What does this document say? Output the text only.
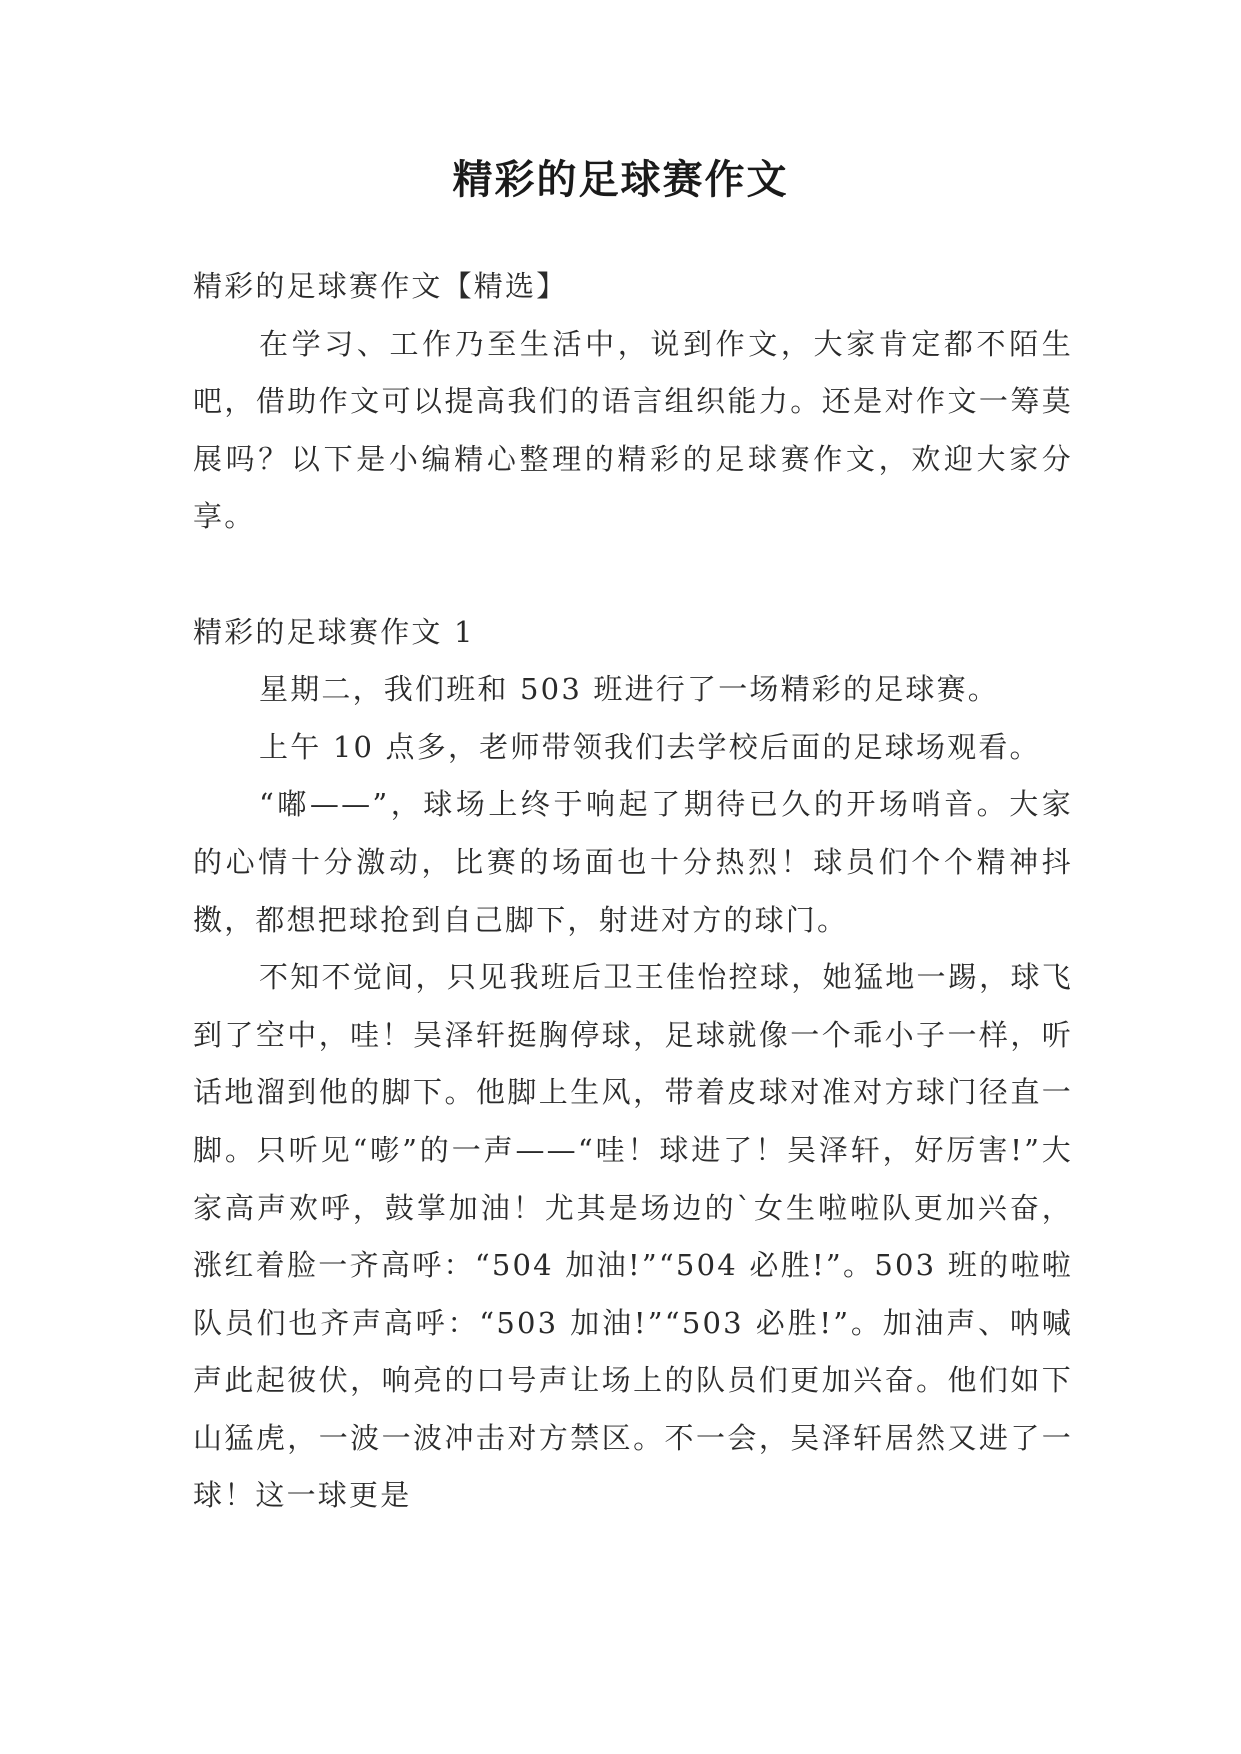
精彩的足球赛作文

精彩的足球赛作文【精选】

在学习、工作乃至生活中，说到作文，大家肯定都不陌生吧，借助作文可以提高我们的语言组织能力。还是对作文一筹莫展吗？以下是小编精心整理的精彩的足球赛作文，欢迎大家分享。

精彩的足球赛作文 1

星期二，我们班和 503 班进行了一场精彩的足球赛。

上午 10 点多，老师带领我们去学校后面的足球场观看。

“嘟——”，球场上终于响起了期待已久的开场哨音。大家的心情十分激动，比赛的场面也十分热烈！球员们个个精神抖擞，都想把球抢到自己脚下，射进对方的球门。

不知不觉间，只见我班后卫王佳怡控球，她猛地一踢，球飞到了空中，哇！吴泽轩挺胸停球，足球就像一个乖小子一样，听话地溜到他的脚下。他脚上生风，带着皮球对准对方球门径直一脚。只听见“嘭”的一声——“哇！球进了！吴泽轩，好厉害!”大家高声欢呼，鼓掌加油！尤其是场边的`女生啦啦队更加兴奋，涨红着脸一齐高呼：“504 加油!”“504 必胜!”。503 班的啦啦队员们也齐声高呼：“503 加油!”“503 必胜!”。加油声、呐喊声此起彼伏，响亮的口号声让场上的队员们更加兴奋。他们如下山猛虎，一波一波冲击对方禁区。不一会，吴泽轩居然又进了一球！这一球更是
